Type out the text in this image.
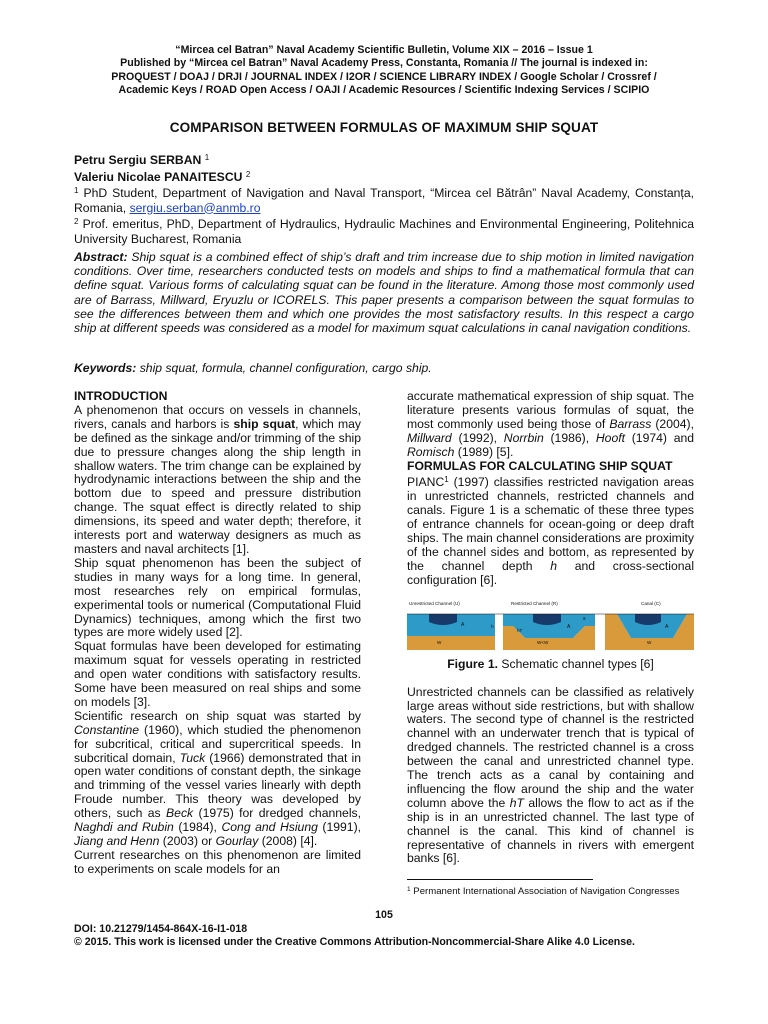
“Mircea cel Batran” Naval Academy Scientific Bulletin, Volume XIX – 2016 – Issue 1
Published by “Mircea cel Batran” Naval Academy Press, Constanta, Romania // The journal is indexed in:
PROQUEST / DOAJ / DRJI / JOURNAL INDEX / I2OR / SCIENCE LIBRARY INDEX / Google Scholar / Crossref /
Academic Keys / ROAD Open Access / OAJI / Academic Resources / Scientific Indexing Services / SCIPIO
COMPARISON BETWEEN FORMULAS OF MAXIMUM SHIP SQUAT
Petru Sergiu SERBAN $^1$
Valeriu Nicolae PANAITESCU $^2$
$^1$ PhD Student, Department of Navigation and Naval Transport, “Mircea cel Bătrân” Naval Academy, Constanța, Romania, sergiu.serban@anmb.ro
$^2$ Prof. emeritus, PhD, Department of Hydraulics, Hydraulic Machines and Environmental Engineering, Politehnica University Bucharest, Romania
Abstract: Ship squat is a combined effect of ship’s draft and trim increase due to ship motion in limited navigation conditions. Over time, researchers conducted tests on models and ships to find a mathematical formula that can define squat. Various forms of calculating squat can be found in the literature. Among those most commonly used are of Barrass, Millward, Eryuzlu or ICORELS. This paper presents a comparison between the squat formulas to see the differences between them and which one provides the most satisfactory results. In this respect a cargo ship at different speeds was considered as a model for maximum squat calculations in canal navigation conditions.
Keywords: ship squat, formula, channel configuration, cargo ship.
INTRODUCTION

A phenomenon that occurs on vessels in channels, rivers, canals and harbors is ship squat, which may be defined as the sinkage and/or trimming of the ship due to pressure changes along the ship length in shallow waters. The trim change can be explained by hydrodynamic interactions between the ship and the bottom due to speed and pressure distribution change. The squat effect is directly related to ship dimensions, its speed and water depth; therefore, it interests port and waterway designers as much as masters and naval architects [1].

Ship squat phenomenon has been the subject of studies in many ways for a long time. In general, most researches rely on empirical formulas, experimental tools or numerical (Computational Fluid Dynamics) techniques, among which the first two types are more widely used [2].

Squat formulas have been developed for estimating maximum squat for vessels operating in restricted and open water conditions with satisfactory results. Some have been measured on real ships and some on models [3].

Scientific research on ship squat was started by Constantine (1960), which studied the phenomenon for subcritical, critical and supercritical speeds. In subcritical domain, Tuck (1966) demonstrated that in open water conditions of constant depth, the sinkage and trimming of the vessel varies linearly with depth Froude number. This theory was developed by others, such as Beck (1975) for dredged channels, Naghdi and Rubin (1984), Cong and Hsiung (1991), Jiang and Henn (2003) or Gourlay (2008) [4].

Current researches on this phenomenon are limited to experiments on scale models for an

accurate mathematical expression of ship squat. The literature presents various formulas of squat, the most commonly used being those of Barrass (2004), Millward (1992), Norrbin (1986), Hooft (1974) and Romisch (1989) [5].

FORMULAS FOR CALCULATING SHIP SQUAT

PIANC$^1$ (1997) classifies restricted navigation areas in unrestricted channels, restricted channels and canals. Figure 1 is a schematic of these three types of entrance channels for ocean-going or deep draft ships. The main channel considerations are proximity of the channel sides and bottom, as represented by the channel depth h and cross-sectional configuration [6].

Unrestricted Channel (U)	Restricted Channel (R)	Canal (C)
A	A	A
s
W<W
W	W
hT
h
Figure 1. Schematic channel types [6]

Unrestricted channels can be classified as relatively large areas without side restrictions, but with shallow waters. The second type of channel is the restricted channel with an underwater trench that is typical of dredged channels. The restricted channel is a cross between the canal and unrestricted channel type. The trench acts as a canal by containing and influencing the flow around the ship and the water column above the hT allows the flow to act as if the ship is in an unrestricted channel. The last type of channel is the canal. This kind of channel is representative of channels in rivers with emergent banks [6].

$^1$ Permanent International Association of Navigation Congresses
105
DOI: 10.21279/1454-864X-16-I1-018
© 2015. This work is licensed under the Creative Commons Attribution-Noncommercial-Share Alike 4.0 License.
